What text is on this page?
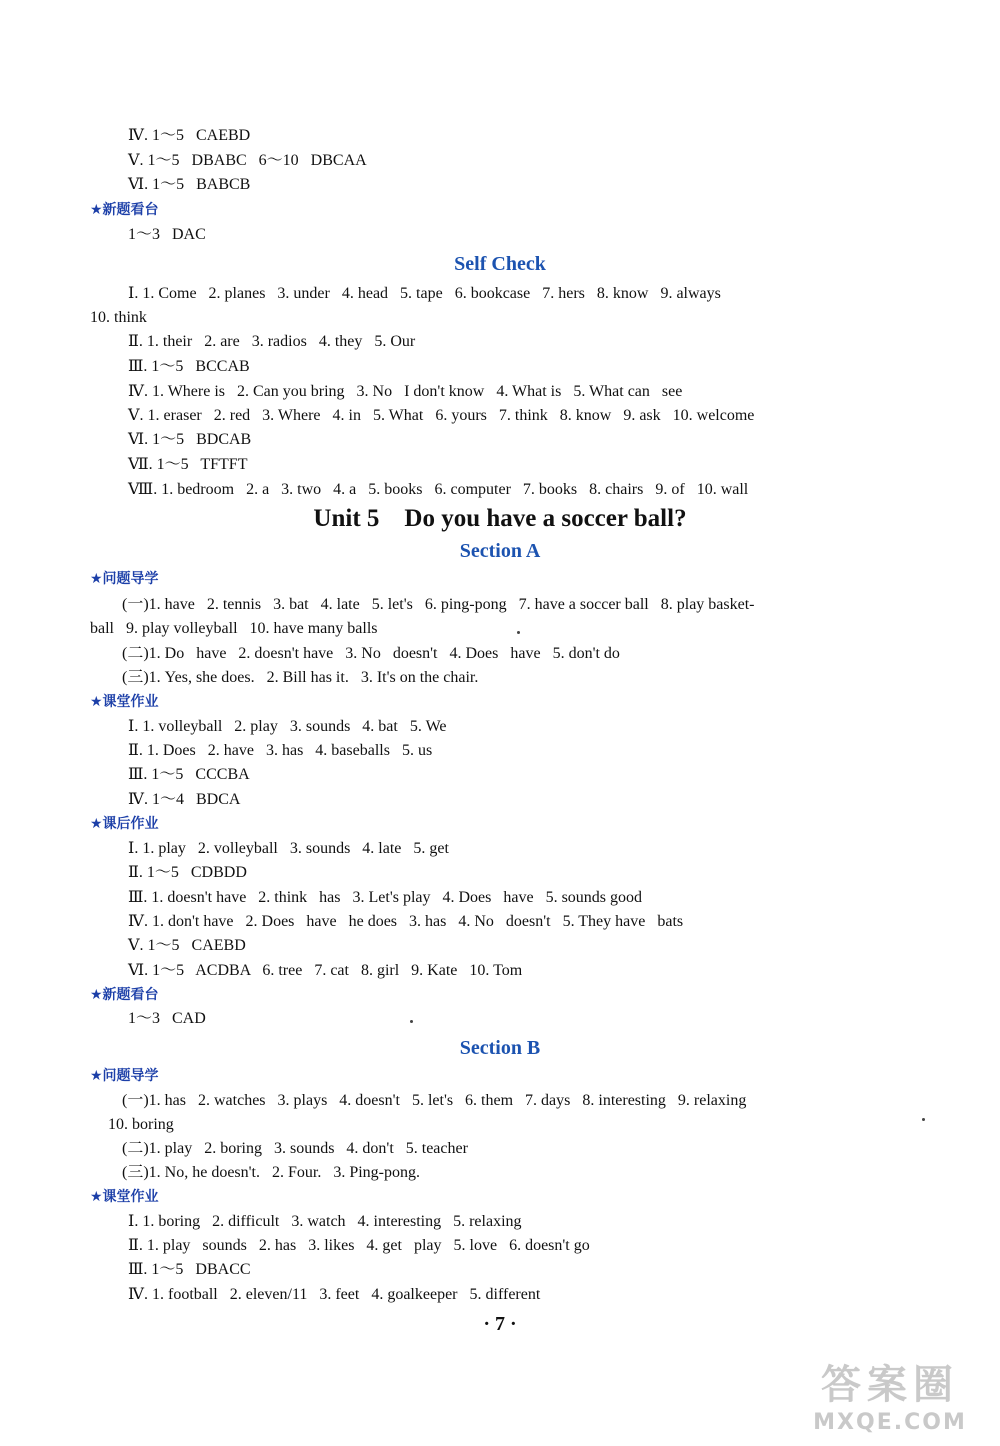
Ⅳ. 1～5   CAEBD
Ⅴ. 1～5   DBABC   6～10   DBCAA
Ⅵ. 1～5   BABCB
★新题看台
1～3   DAC
Self Check
Ⅰ. 1. Come   2. planes   3. under   4. head   5. tape   6. bookcase   7. hers   8. know   9. always
10. think
Ⅱ. 1. their   2. are   3. radios   4. they   5. Our
Ⅲ. 1～5   BCCAB
Ⅳ. 1. Where is   2. Can you bring   3. No   I don't know   4. What is   5. What can   see
Ⅴ. 1. eraser   2. red   3. Where   4. in   5. What   6. yours   7. think   8. know   9. ask   10. welcome
Ⅵ. 1～5   BDCAB
Ⅶ. 1～5   TFTFT
Ⅷ. 1. bedroom   2. a   3. two   4. a   5. books   6. computer   7. books   8. chairs   9. of   10. wall
Unit 5    Do you have a soccer ball?
Section A
★问题导学
(一)1. have   2. tennis   3. bat   4. late   5. let's   6. ping-pong   7. have a soccer ball   8. play basket-
ball   9. play volleyball   10. have many balls
(二)1. Do   have   2. doesn't have   3. No   doesn't   4. Does   have   5. don't do
(三)1. Yes, she does.   2. Bill has it.   3. It's on the chair.
★课堂作业
Ⅰ. 1. volleyball   2. play   3. sounds   4. bat   5. We
Ⅱ. 1. Does   2. have   3. has   4. baseballs   5. us
Ⅲ. 1～5   CCCBA
Ⅳ. 1～4   BDCA
★课后作业
Ⅰ. 1. play   2. volleyball   3. sounds   4. late   5. get
Ⅱ. 1～5   CDBDD
Ⅲ. 1. doesn't have   2. think   has   3. Let's play   4. Does   have   5. sounds good
Ⅳ. 1. don't have   2. Does   have   he does   3. has   4. No   doesn't   5. They have   bats
Ⅴ. 1～5   CAEBD
Ⅵ. 1～5   ACDBA   6. tree   7. cat   8. girl   9. Kate   10. Tom
★新题看台
1～3   CAD
Section B
★问题导学
(一)1. has   2. watches   3. plays   4. doesn't   5. let's   6. them   7. days   8. interesting   9. relaxing
10. boring
(二)1. play   2. boring   3. sounds   4. don't   5. teacher
(三)1. No, he doesn't.   2. Four.   3. Ping-pong.
★课堂作业
Ⅰ. 1. boring   2. difficult   3. watch   4. interesting   5. relaxing
Ⅱ. 1. play   sounds   2. has   3. likes   4. get   play   5. love   6. doesn't go
Ⅲ. 1～5   DBACC
Ⅳ. 1. football   2. eleven/11   3. feet   4. goalkeeper   5. different
· 7 ·
答案圈
MXQE.COM
